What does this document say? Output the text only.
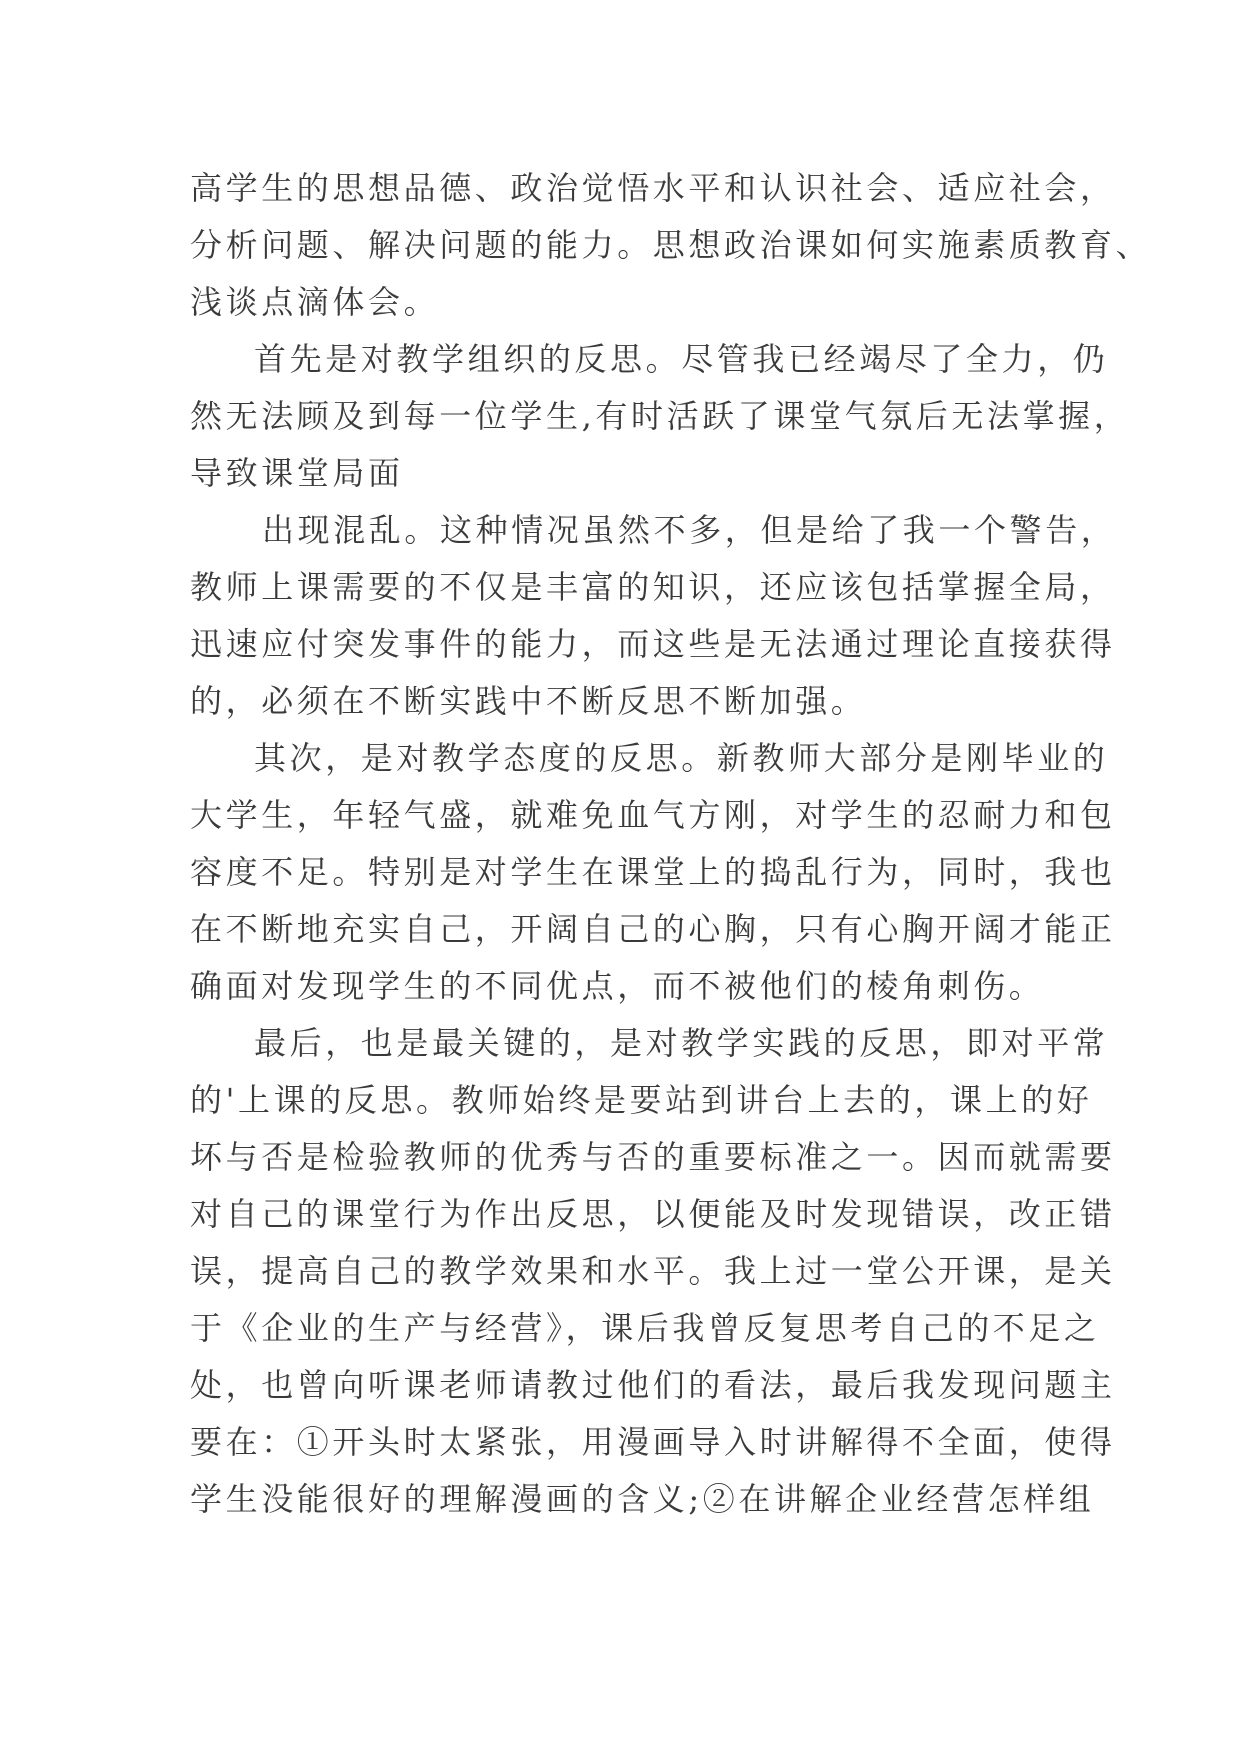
高学生的思想品德、政治觉悟水平和认识社会、适应社会，
分析问题、解决问题的能力。思想政治课如何实施素质教育、
浅谈点滴体会。
首先是对教学组织的反思。尽管我已经竭尽了全力，仍
然无法顾及到每一位学生,有时活跃了课堂气氛后无法掌握，
导致课堂局面
出现混乱。这种情况虽然不多，但是给了我一个警告，
教师上课需要的不仅是丰富的知识，还应该包括掌握全局，
迅速应付突发事件的能力，而这些是无法通过理论直接获得
的，必须在不断实践中不断反思不断加强。
其次，是对教学态度的反思。新教师大部分是刚毕业的
大学生，年轻气盛，就难免血气方刚，对学生的忍耐力和包
容度不足。特别是对学生在课堂上的捣乱行为，同时，我也
在不断地充实自己，开阔自己的心胸，只有心胸开阔才能正
确面对发现学生的不同优点，而不被他们的棱角刺伤。
最后，也是最关键的，是对教学实践的反思，即对平常
的'上课的反思。教师始终是要站到讲台上去的，课上的好
坏与否是检验教师的优秀与否的重要标准之一。因而就需要
对自己的课堂行为作出反思，以便能及时发现错误，改正错
误，提高自己的教学效果和水平。我上过一堂公开课，是关
于《企业的生产与经营》，课后我曾反复思考自己的不足之
处，也曾向听课老师请教过他们的看法，最后我发现问题主
要在：①开头时太紧张，用漫画导入时讲解得不全面，使得
学生没能很好的理解漫画的含义;②在讲解企业经营怎样组
